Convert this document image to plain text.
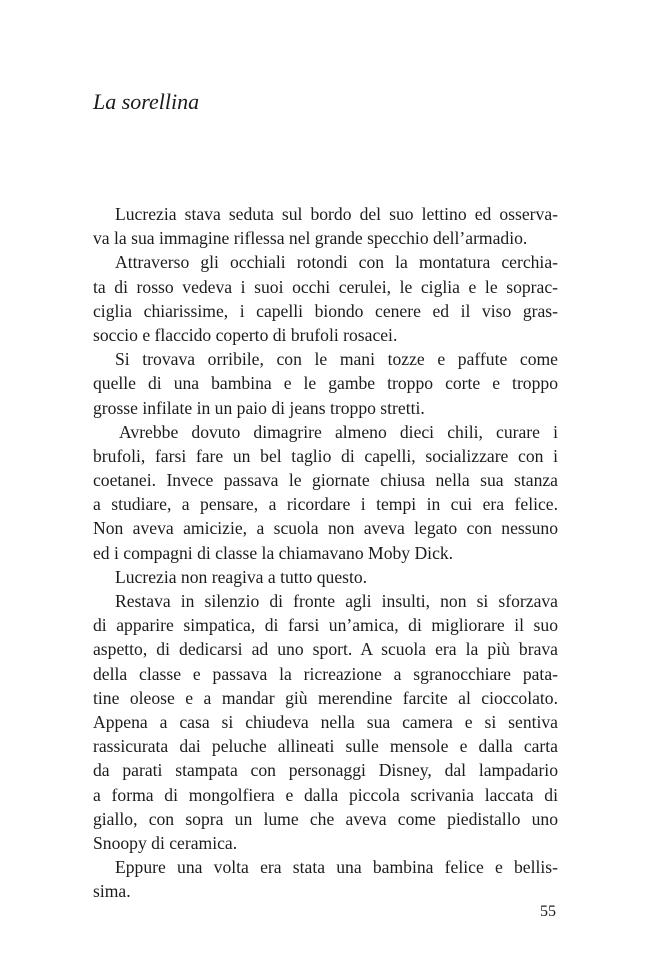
La sorellina
Lucrezia stava seduta sul bordo del suo lettino ed osserva-
va la sua immagine riflessa nel grande specchio dell’armadio.
Attraverso gli occhiali rotondi con la montatura cerchia-
ta di rosso vedeva i suoi occhi cerulei, le ciglia e le soprac-
ciglia chiarissime, i capelli biondo cenere ed il viso gras-
soccio e flaccido coperto di brufoli rosacei.
Si trovava orribile, con le mani tozze e paffute come
quelle di una bambina e le gambe troppo corte e troppo
grosse infilate in un paio di jeans troppo stretti.
Avrebbe dovuto dimagrire almeno dieci chili, curare i
brufoli, farsi fare un bel taglio di capelli, socializzare con i
coetanei. Invece passava le giornate chiusa nella sua stanza
a studiare, a pensare, a ricordare i tempi in cui era felice.
Non aveva amicizie, a scuola non aveva legato con nessuno
ed i compagni di classe la chiamavano Moby Dick.
Lucrezia non reagiva a tutto questo.
Restava in silenzio di fronte agli insulti, non si sforzava
di apparire simpatica, di farsi un’amica, di migliorare il suo
aspetto, di dedicarsi ad uno sport. A scuola era la più brava
della classe e passava la ricreazione a sgranocchiare pata-
tine oleose e a mandar giù merendine farcite al cioccolato.
Appena a casa si chiudeva nella sua camera e si sentiva
rassicurata dai peluche allineati sulle mensole e dalla carta
da parati stampata con personaggi Disney, dal lampadario
a forma di mongolfiera e dalla piccola scrivania laccata di
giallo, con sopra un lume che aveva come piedistallo uno
Snoopy di ceramica.
Eppure una volta era stata una bambina felice e bellis-
sima.

55
